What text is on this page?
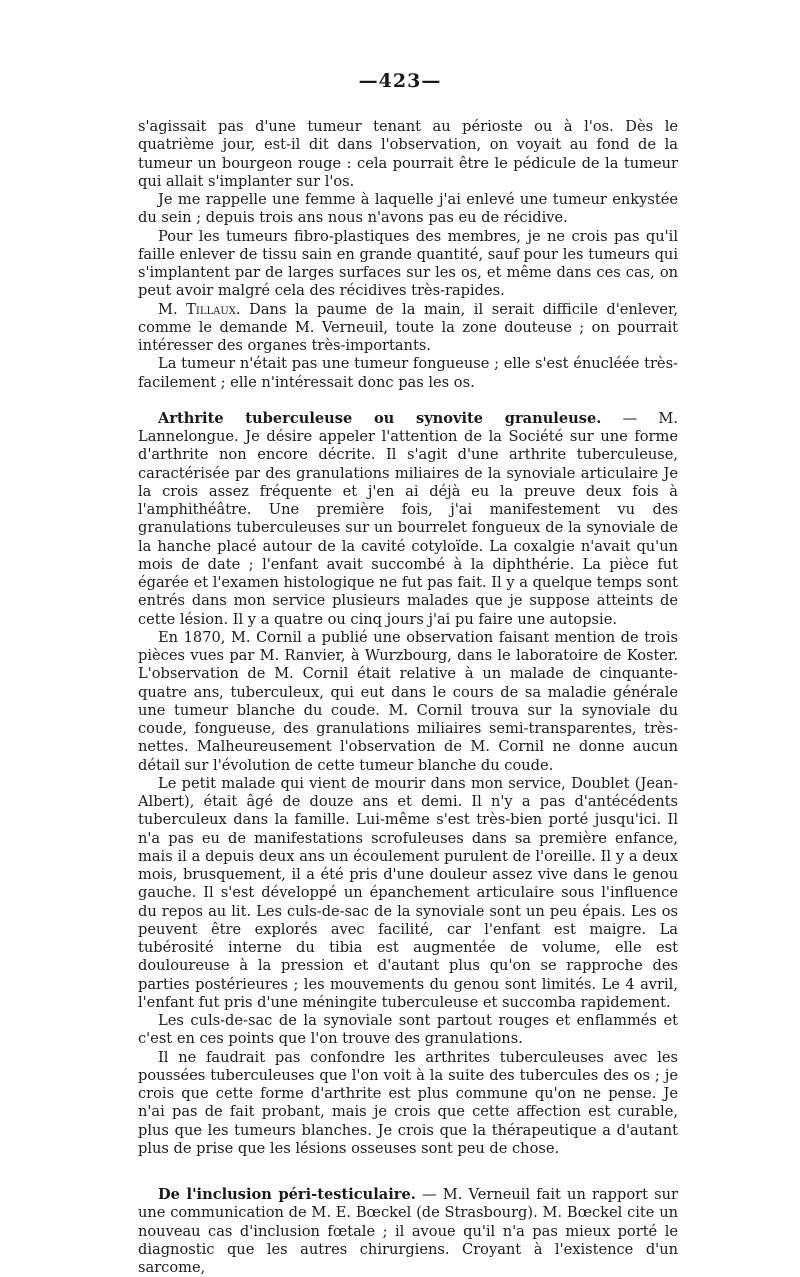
—423—

s'agissait pas d'une tumeur tenant au périoste ou à l'os. Dès le quatrième jour, est-il dit dans l'observation, on voyait au fond de la tumeur un bourgeon rouge : cela pourrait être le pédicule de la tumeur qui allait s'implanter sur l'os.

Je me rappelle une femme à laquelle j'ai enlevé une tumeur enkystée du sein ; depuis trois ans nous n'avons pas eu de récidive.

Pour les tumeurs fibro-plastiques des membres, je ne crois pas qu'il faille enlever de tissu sain en grande quantité, sauf pour les tumeurs qui s'implantent par de larges surfaces sur les os, et même dans ces cas, on peut avoir malgré cela des récidives très-rapides.

M. Tillaux. Dans la paume de la main, il serait difficile d'enlever, comme le demande M. Verneuil, toute la zone douteuse ; on pourrait intéresser des organes très-importants.

La tumeur n'était pas une tumeur fongueuse ; elle s'est énucléée très-facilement ; elle n'intéressait donc pas les os.

Arthrite tuberculeuse ou synovite granuleuse. — M. Lannelongue. Je désire appeler l'attention de la Société sur une forme d'arthrite non encore décrite. Il s'agit d'une arthrite tuberculeuse, caractérisée par des granulations miliaires de la synoviale articulaire Je la crois assez fréquente et j'en ai déjà eu la preuve deux fois à l'amphithéâtre. Une première fois, j'ai manifestement vu des granulations tuberculeuses sur un bourrelet fongueux de la synoviale de la hanche placé autour de la cavité cotyloïde. La coxalgie n'avait qu'un mois de date ; l'enfant avait succombé à la diphthérie. La pièce fut égarée et l'examen histologique ne fut pas fait. Il y a quelque temps sont entrés dans mon service plusieurs malades que je suppose atteints de cette lésion. Il y a quatre ou cinq jours j'ai pu faire une autopsie.

En 1870, M. Cornil a publié une observation faisant mention de trois pièces vues par M. Ranvier, à Wurzbourg, dans le laboratoire de Koster. L'observation de M. Cornil était relative à un malade de cinquante-quatre ans, tuberculeux, qui eut dans le cours de sa maladie générale une tumeur blanche du coude. M. Cornil trouva sur la synoviale du coude, fongueuse, des granulations miliaires semi-transparentes, très-nettes. Malheureusement l'observation de M. Cornil ne donne aucun détail sur l'évolution de cette tumeur blanche du coude.

Le petit malade qui vient de mourir dans mon service, Doublet (Jean-Albert), était âgé de douze ans et demi. Il n'y a pas d'antécédents tuberculeux dans la famille. Lui-même s'est très-bien porté jusqu'ici. Il n'a pas eu de manifestations scrofuleuses dans sa première enfance, mais il a depuis deux ans un écoulement purulent de l'oreille. Il y a deux mois, brusquement, il a été pris d'une douleur assez vive dans le genou gauche. Il s'est développé un épanchement articulaire sous l'influence du repos au lit. Les culs-de-sac de la synoviale sont un peu épais. Les os peuvent être explorés avec facilité, car l'enfant est maigre. La tubérosité interne du tibia est augmentée de volume, elle est douloureuse à la pression et d'autant plus qu'on se rapproche des parties postérieures ; les mouvements du genou sont limités. Le 4 avril, l'enfant fut pris d'une méningite tuberculeuse et succomba rapidement.

Les culs-de-sac de la synoviale sont partout rouges et enflammés et c'est en ces points que l'on trouve des granulations.

Il ne faudrait pas confondre les arthrites tuberculeuses avec les poussées tuberculeuses que l'on voit à la suite des tubercules des os ; je crois que cette forme d'arthrite est plus commune qu'on ne pense. Je n'ai pas de fait probant, mais je crois que cette affection est curable, plus que les tumeurs blanches. Je crois que la thérapeutique a d'autant plus de prise que les lésions osseuses sont peu de chose.

De l'inclusion péri-testiculaire. — M. Verneuil fait un rapport sur une communication de M. E. Bœckel (de Strasbourg). M. Bœckel cite un nouveau cas d'inclusion fœtale ; il avoue qu'il n'a pas mieux porté le diagnostic que les autres chirurgiens. Croyant à l'existence d'un sarcome,
